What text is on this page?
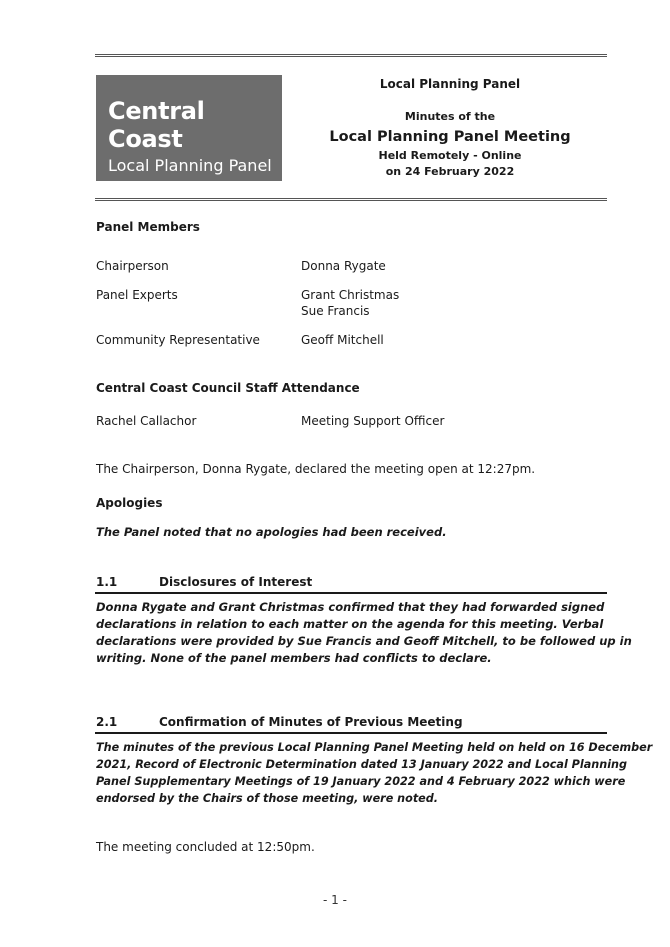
Central Coast
Local Planning Panel
Local Planning Panel
Minutes of the
Local Planning Panel Meeting
Held Remotely - Online
on 24 February 2022
Panel Members
Chairperson	Donna Rygate
Panel Experts	Grant Christmas
Sue Francis
Community Representative	Geoff Mitchell
Central Coast Council Staff Attendance
Rachel Callachor	Meeting Support Officer
The Chairperson, Donna Rygate, declared the meeting open at 12:27pm.
Apologies
The Panel noted that no apologies had been received.
1.1	Disclosures of Interest
Donna Rygate and Grant Christmas confirmed that they had forwarded signed
declarations in relation to each matter on the agenda for this meeting. Verbal
declarations were provided by Sue Francis and Geoff Mitchell, to be followed up in
writing. None of the panel members had conflicts to declare.
2.1	Confirmation of Minutes of Previous Meeting
The minutes of the previous Local Planning Panel Meeting held on held on 16 December
2021, Record of Electronic Determination dated 13 January 2022 and Local Planning
Panel Supplementary Meetings of 19 January 2022 and 4 February 2022 which were
endorsed by the Chairs of those meeting, were noted.
The meeting concluded at 12:50pm.
- 1 -
